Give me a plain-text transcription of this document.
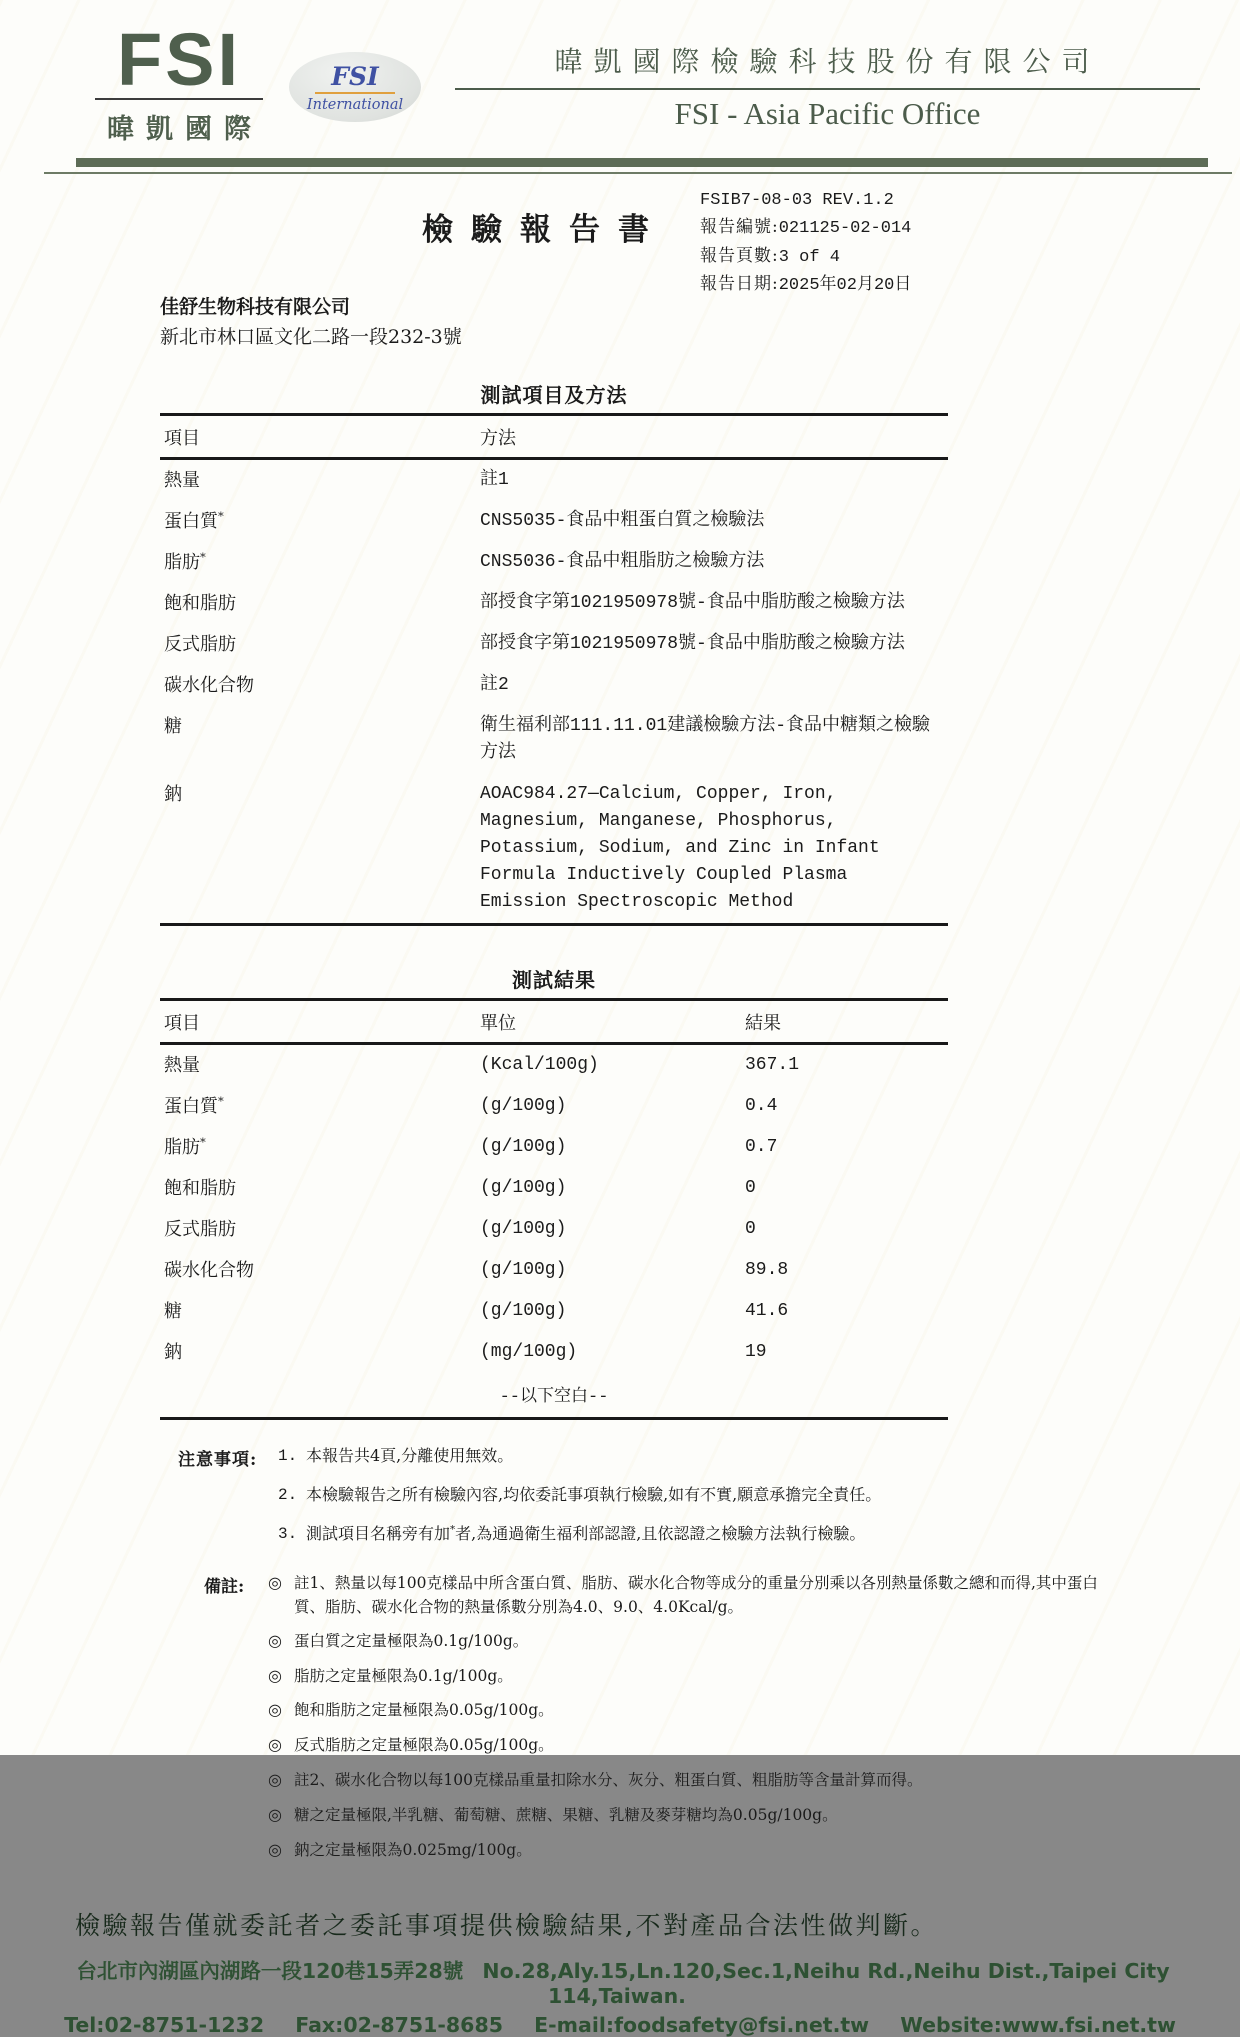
FSI
暐凱國際
FSI
International
暐凱國際檢驗科技股份有限公司
FSI - Asia Pacific Office
檢驗報告書
FSIB7-08-03 REV.1.2
報告編號:021125-02-014
報告頁數:3 of 4
報告日期:2025年02月20日
佳舒生物科技有限公司
新北市林口區文化二路一段232-3號
測試項目及方法
項目	方法
熱量	註1
蛋白質*	CNS5035-食品中粗蛋白質之檢驗法
脂肪*	CNS5036-食品中粗脂肪之檢驗方法
飽和脂肪	部授食字第1021950978號-食品中脂肪酸之檢驗方法
反式脂肪	部授食字第1021950978號-食品中脂肪酸之檢驗方法
碳水化合物	註2
糖	衛生福利部111.11.01建議檢驗方法-食品中糖類之檢驗方法
鈉	AOAC984.27—Calcium, Copper, Iron, Magnesium, Manganese, Phosphorus, Potassium, Sodium, and Zinc in Infant Formula Inductively Coupled Plasma Emission Spectroscopic Method
測試結果
項目	單位	結果
熱量	(Kcal/100g)	367.1
蛋白質*	(g/100g)	0.4
脂肪*	(g/100g)	0.7
飽和脂肪	(g/100g)	0
反式脂肪	(g/100g)	0
碳水化合物	(g/100g)	89.8
糖	(g/100g)	41.6
鈉	(mg/100g)	19
--以下空白--
注意事項:	1. 本報告共4頁,分離使用無效。
2. 本檢驗報告之所有檢驗內容,均依委託事項執行檢驗,如有不實,願意承擔完全責任。
3. 測試項目名稱旁有加*者,為通過衛生福利部認證,且依認證之檢驗方法執行檢驗。
備註:	◎ 註1、熱量以每100克樣品中所含蛋白質、脂肪、碳水化合物等成分的重量分別乘以各別熱量係數之總和而得,其中蛋白質、脂肪、碳水化合物的熱量係數分別為4.0、9.0、4.0Kcal/g。
◎ 蛋白質之定量極限為0.1g/100g。
◎ 脂肪之定量極限為0.1g/100g。
◎ 飽和脂肪之定量極限為0.05g/100g。
◎ 反式脂肪之定量極限為0.05g/100g。
◎ 註2、碳水化合物以每100克樣品重量扣除水分、灰分、粗蛋白質、粗脂肪等含量計算而得。
◎ 糖之定量極限,半乳糖、葡萄糖、蔗糖、果糖、乳糖及麥芽糖均為0.05g/100g。
◎ 鈉之定量極限為0.025mg/100g。
檢驗報告僅就委託者之委託事項提供檢驗結果,不對產品合法性做判斷。
台北市內湖區內湖路一段120巷15弄28號 No.28,Aly.15,Ln.120,Sec.1,Neihu Rd.,Neihu Dist.,Taipei City 114,Taiwan.
Tel:02-8751-1232 Fax:02-8751-8685 E-mail:foodsafety@fsi.net.tw Website:www.fsi.net.tw
